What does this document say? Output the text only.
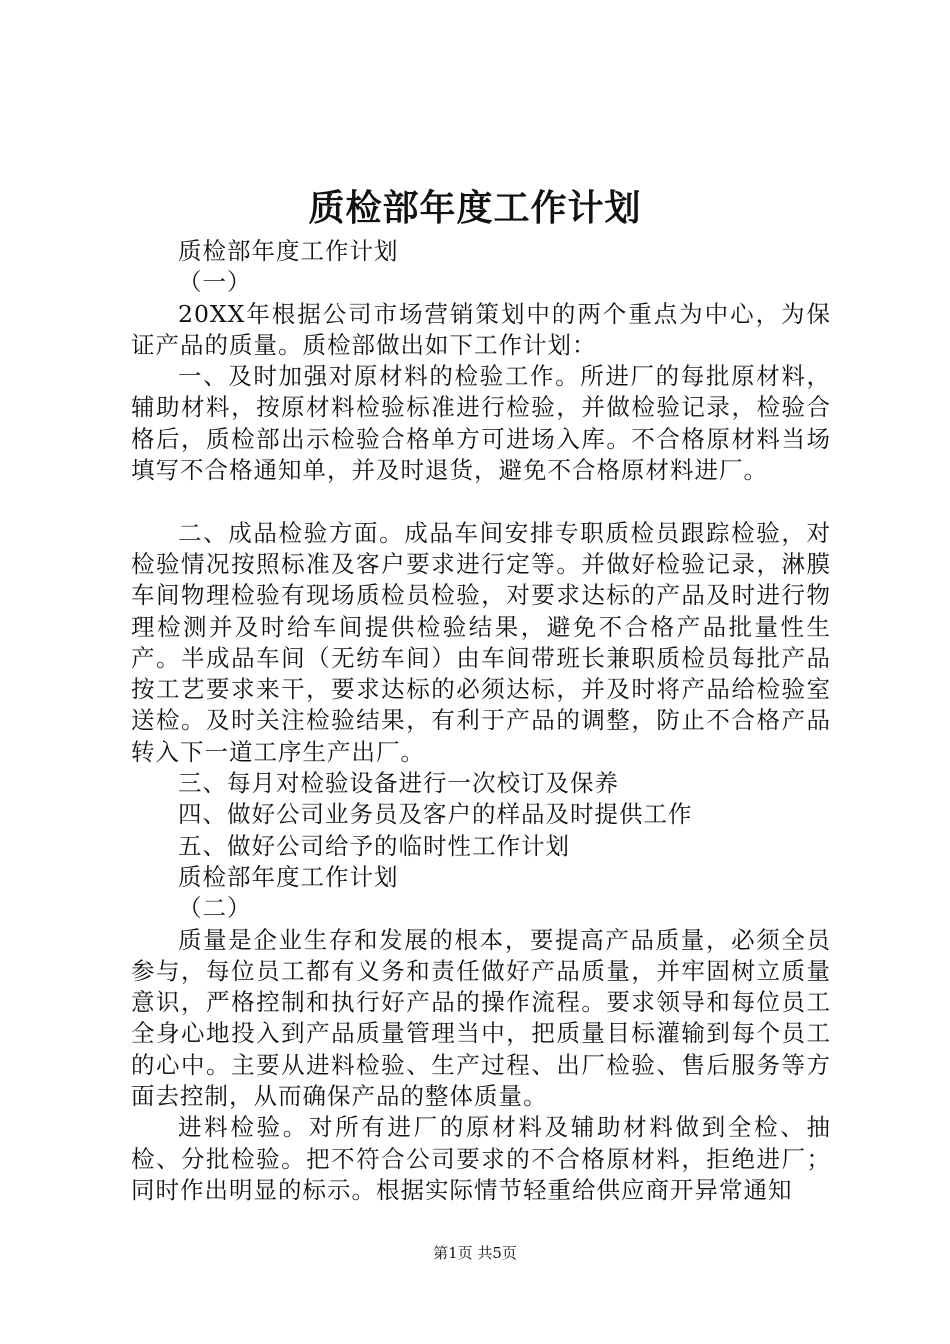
质检部年度工作计划

质检部年度工作计划

（一）

20XX年根据公司市场营销策划中的两个重点为中心，为保证产品的质量。质检部做出如下工作计划：

一、及时加强对原材料的检验工作。所进厂的每批原材料，辅助材料，按原材料检验标准进行检验，并做检验记录，检验合格后，质检部出示检验合格单方可进场入库。不合格原材料当场填写不合格通知单，并及时退货，避免不合格原材料进厂。

二、成品检验方面。成品车间安排专职质检员跟踪检验，对检验情况按照标准及客户要求进行定等。并做好检验记录，淋膜车间物理检验有现场质检员检验，对要求达标的产品及时进行物理检测并及时给车间提供检验结果，避免不合格产品批量性生产。半成品车间（无纺车间）由车间带班长兼职质检员每批产品按工艺要求来干，要求达标的必须达标，并及时将产品给检验室送检。及时关注检验结果，有利于产品的调整，防止不合格产品转入下一道工序生产出厂。

三、每月对检验设备进行一次校订及保养

四、做好公司业务员及客户的样品及时提供工作

五、做好公司给予的临时性工作计划

质检部年度工作计划

（二）

质量是企业生存和发展的根本，要提高产品质量，必须全员参与，每位员工都有义务和责任做好产品质量，并牢固树立质量意识，严格控制和执行好产品的操作流程。要求领导和每位员工全身心地投入到产品质量管理当中，把质量目标灌输到每个员工的心中。主要从进料检验、生产过程、出厂检验、售后服务等方面去控制，从而确保产品的整体质量。

进料检验。对所有进厂的原材料及辅助材料做到全检、抽检、分批检验。把不符合公司要求的不合格原材料，拒绝进厂；同时作出明显的标示。根据实际情节轻重给供应商开异常通知

第1页 共5页
